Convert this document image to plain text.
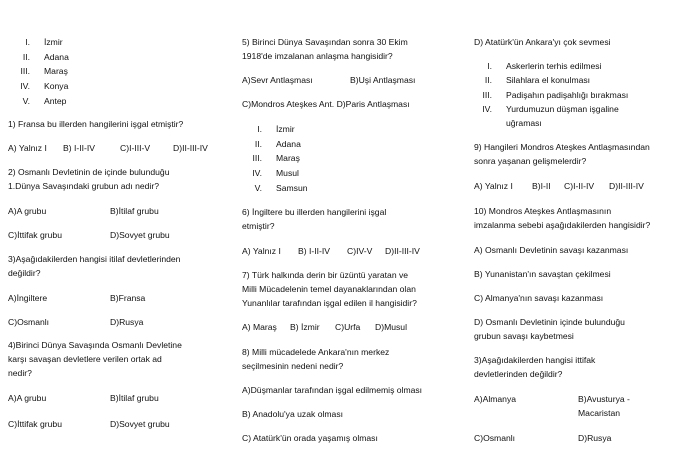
I. İzmir
II. Adana
III. Maraş
IV. Konya
V. Antep
1) Fransa bu illerden hangilerini işgal etmiştir?
A) Yalnız I B) I-II-IV	C)I-III-V	D)II-III-IV
2) Osmanlı Devletinin de içinde bulunduğu
1.Dünya Savaşındaki grubun adı nedir?
A)A grubu	B)İtilaf grubu
C)İttifak grubu	D)Sovyet grubu
3)Aşağıdakilerden hangisi itilaf devletlerinden
değildir?
A)İngiltere	B)Fransa
C)Osmanlı	D)Rusya
4)Birinci Dünya Savaşında Osmanlı Devletine
karşı savaşan devletlere verilen ortak ad
nedir?
A)A grubu	B)İtilaf grubu
C)İttifak grubu	D)Sovyet grubu
5) Birinci Dünya Savaşından sonra 30 Ekim
1918'de imzalanan anlaşma hangisidir?
A)Sevr Antlaşması	B)Uşi Antlaşması
C)Mondros Ateşkes Ant. D)Paris Antlaşması
I. İzmir
II. Adana
III. Maraş
IV. Musul
V. Samsun
6) İngiltere bu illerden hangilerini işgal
etmiştir?
A) Yalnız I B) I-II-IV C)IV-V D)II-III-IV
7) Türk halkında derin bir üzüntü yaratan ve
Milli Mücadelenin temel dayanaklarından olan
Yunanlılar tarafından işgal edilen il hangisidir?
A) Maraş B) İzmir C)Urfa D)Musul
8) Milli mücadelede Ankara'nın merkez
seçilmesinin nedeni nedir?
A)Düşmanlar tarafından işgal edilmemiş olması
B) Anadolu'ya uzak olması
C) Atatürk'ün orada yaşamış olması
D) Atatürk'ün Ankara'yı çok sevmesi
I. Askerlerin terhis edilmesi
II. Silahlara el konulması
III. Padişahın padişahlığı bırakması
IV. Yurdumuzun düşman işgaline
uğraması
9) Hangileri Mondros Ateşkes Antlaşmasından
sonra yaşanan gelişmelerdir?
A) Yalnız I B)I-II C)I-II-IV D)II-III-IV
10) Mondros Ateşkes Antlaşmasının
imzalanma sebebi aşağıdakilerden hangisidir?
A) Osmanlı Devletinin savaşı kazanması
B) Yunanistan'ın savaştan çekilmesi
C) Almanya'nın savaşı kazanması
D) Osmanlı Devletinin içinde bulunduğu
grubun savaşı kaybetmesi
3)Aşağıdakilerden hangisi ittifak
devletlerinden değildir?
A)Almanya	B)Avusturya -
Macaristan
C)Osmanlı	D)Rusya
